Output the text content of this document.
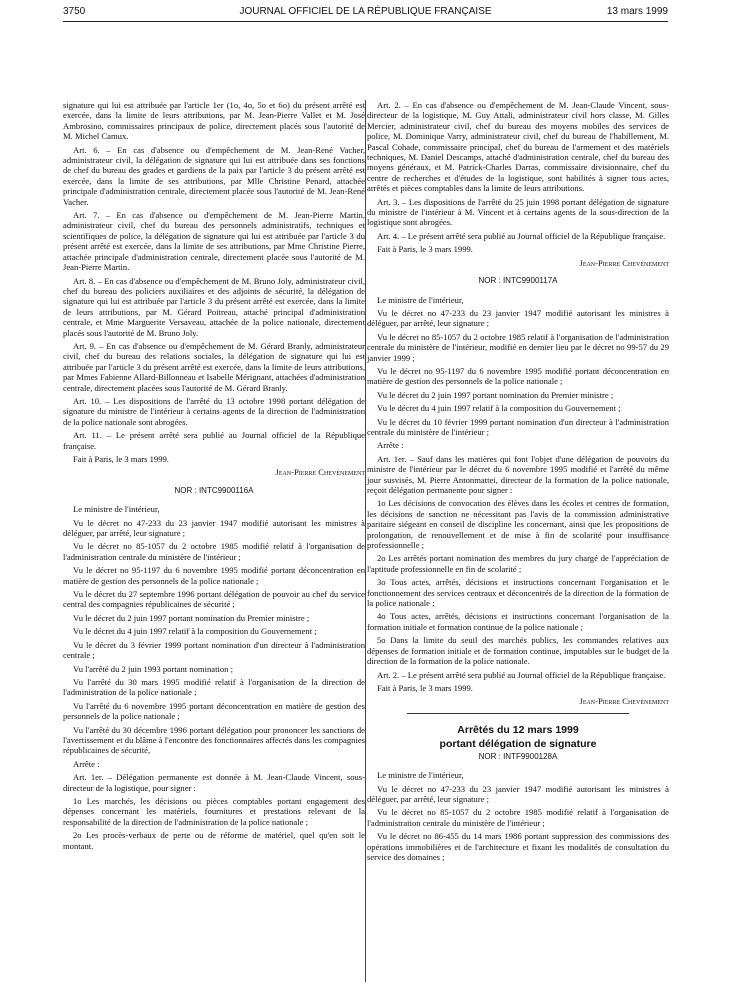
3750	JOURNAL OFFICIEL DE LA RÉPUBLIQUE FRANÇAISE	13 mars 1999

signature qui lui est attribuée par l'article 1er (1o, 4o, 5o et 6o) du présent arrêté est exercée, dans la limite de leurs attributions, par M. Jean-Pierre Vallet et M. José Ambrosino, commissaires principaux de police, directement placés sous l'autorité de M. Michel Camux.

Art. 6. – En cas d'absence ou d'empêchement de M. Jean-René Vacher, administrateur civil, la délégation de signature qui lui est attribuée dans ses fonctions de chef du bureau des grades et gardiens de la paix par l'article 3 du présent arrêté est exercée, dans la limite de ses attributions, par Mlle Christine Penard, attachée principale d'administration centrale, directement placée sous l'autorité de M. Jean-René Vacher.

Art. 7. – En cas d'absence ou d'empêchement de M. Jean-Pierre Martin, administrateur civil, chef du bureau des personnels administratifs, techniques et scientifiques de police, la délégation de signature qui lui est attribuée par l'article 3 du présent arrêté est exercée, dans la limite de ses attributions, par Mme Christine Pierre, attachée principale d'administration centrale, directement placée sous l'autorité de M. Jean-Pierre Martin.

Art. 8. – En cas d'absence ou d'empêchement de M. Bruno Joly, administrateur civil, chef du bureau des policiers auxiliaires et des adjoints de sécurité, la délégation de signature qui lui est attribuée par l'article 3 du présent arrêté est exercée, dans la limite de leurs attributions, par M. Gérard Poitreau, attaché principal d'administration centrale, et Mme Marguerite Versaveau, attachée de la police nationale, directement placés sous l'autorité de M. Bruno Joly.

Art. 9. – En cas d'absence ou d'empêchement de M. Gérard Branly, administrateur civil, chef du bureau des relations sociales, la délégation de signature qui lui est attribuée par l'article 3 du présent arrêté est exercée, dans la limite de leurs attributions, par Mmes Fabienne Allard-Billonneau et Isabelle Mérignant, attachées d'administration centrale, directement placées sous l'autorité de M. Gérard Branly.

Art. 10. – Les dispositions de l'arrêté du 13 octobre 1998 portant délégation de signature du ministre de l'intérieur à certains agents de la direction de l'administration de la police nationale sont abrogées.

Art. 11. – Le présent arrêté sera publié au Journal officiel de la République française.

Fait à Paris, le 3 mars 1999.

Jean-Pierre Chevènement
NOR : INTC9900116A

Le ministre de l'intérieur,

Vu le décret no 47-233 du 23 janvier 1947 modifié autorisant les ministres à déléguer, par arrêté, leur signature ;

Vu le décret no 85-1057 du 2 octobre 1985 modifié relatif à l'organisation de l'administration centrale du ministère de l'intérieur ;

Vu le décret no 95-1197 du 6 novembre 1995 modifié portant déconcentration en matière de gestion des personnels de la police nationale ;

Vu le décret du 27 septembre 1996 portant délégation de pouvoir au chef du service central des compagnies républicaines de sécurité ;

Vu le décret du 2 juin 1997 portant nomination du Premier ministre ;

Vu le décret du 4 juin 1997 relatif à la composition du Gouvernement ;

Vu le décret du 3 février 1999 portant nomination d'un directeur à l'administration centrale ;

Vu l'arrêté du 2 juin 1993 portant nomination ;

Vu l'arrêté du 30 mars 1995 modifié relatif à l'organisation de la direction de l'administration de la police nationale ;

Vu l'arrêté du 6 novembre 1995 portant déconcentration en matière de gestion des personnels de la police nationale ;

Vu l'arrêté du 30 décembre 1996 portant délégation pour prononcer les sanctions de l'avertissement et du blâme à l'encontre des fonctionnaires affectés dans les compagnies républicaines de sécurité,

Arrête :

Art. 1er. – Délégation permanente est donnée à M. Jean-Claude Vincent, sous-directeur de la logistique, pour signer :

1o Les marchés, les décisions ou pièces comptables portant engagement des dépenses concernant les matériels, fournitures et prestations relevant de la responsabilité de la direction de l'administration de la police nationale ;

2o Les procès-verbaux de perte ou de réforme de matériel, quel qu'en soit le montant.

Art. 2. – En cas d'absence ou d'empêchement de M. Jean-Claude Vincent, sous-directeur de la logistique, M. Guy Attali, administrateur civil hors classe, M. Gilles Mercier, administrateur civil, chef du bureau des moyens mobiles des services de police, M. Dominique Varry, administrateur civil, chef du bureau de l'habillement, M. Pascal Cohade, commissaire principal, chef du bureau de l'armement et des matériels techniques, M. Daniel Descamps, attaché d'administration centrale, chef du bureau des moyens généraux, et M. Patrick-Charles Darras, commissaire divisionnaire, chef du centre de recherches et d'études de la logistique, sont habilités à signer tous actes, arrêtés et pièces comptables dans la limite de leurs attributions.

Art. 3. – Les dispositions de l'arrêté du 25 juin 1998 portant délégation de signature du ministre de l'intérieur à M. Vincent et à certains agents de la sous-direction de la logistique sont abrogées.

Art. 4. – Le présent arrêté sera publié au Journal officiel de la République française.

Fait à Paris, le 3 mars 1999.

Jean-Pierre Chevènement
NOR : INTC9900117A

Le ministre de l'intérieur,

Vu le décret no 47-233 du 23 janvier 1947 modifié autorisant les ministres à déléguer, par arrêté, leur signature ;

Vu le décret no 85-1057 du 2 octobre 1985 relatif à l'organisation de l'administration centrale du ministère de l'intérieur, modifié en dernier lieu par le décret no 99-57 du 29 janvier 1999 ;

Vu le décret no 95-1197 du 6 novembre 1995 modifié portant déconcentration en matière de gestion des personnels de la police nationale ;

Vu le décret du 2 juin 1997 portant nomination du Premier ministre ;

Vu le décret du 4 juin 1997 relatif à la composition du Gouvernement ;

Vu le décret du 10 février 1999 portant nomination d'un directeur à l'administration centrale du ministère de l'intérieur ;

Arrête :

Art. 1er. – Sauf dans les matières qui font l'objet d'une délégation de pouvoirs du ministre de l'intérieur par le décret du 6 novembre 1995 modifié et l'arrêté du même jour susvisés, M. Pierre Antonmattei, directeur de la formation de la police nationale, reçoit délégation permanente pour signer :

1o Les décisions de convocation des élèves dans les écoles et centres de formation, les décisions de sanction ne nécessitant pas l'avis de la commission administrative paritaire siégeant en conseil de discipline les concernant, ainsi que les propositions de prolongation, de renouvellement et de mise à fin de scolarité pour insuffisance professionnelle ;

2o Les arrêtés portant nomination des membres du jury chargé de l'appréciation de l'aptitude professionnelle en fin de scolarité ;

3o Tous actes, arrêtés, décisions et instructions concernant l'organisation et le fonctionnement des services centraux et déconcentrés de la direction de la formation de la police nationale ;

4o Tous actes, arrêtés, décisions et instructions concernant l'organisation de la formation initiale et formation continue de la police nationale ;

5o Dans la limite du seuil des marchés publics, les commandes relatives aux dépenses de formation initiale et de formation continue, imputables sur le budget de la direction de la formation de la police nationale.

Art. 2. – Le présent arrêté sera publié au Journal officiel de la République française.

Fait à Paris, le 3 mars 1999.

Jean-Pierre Chevènement
Arrêtés du 12 mars 1999
portant délégation de signature
NOR : INTF9900128A

Le ministre de l'intérieur,

Vu le décret no 47-233 du 23 janvier 1947 modifié autorisant les ministres à déléguer, par arrêté, leur signature ;

Vu le décret no 85-1057 du 2 octobre 1985 modifié relatif à l'organisation de l'administration centrale du ministère de l'intérieur ;

Vu le décret no 86-455 du 14 mars 1986 portant suppression des commissions des opérations immobilières et de l'architecture et fixant les modalités de consultation du service des domaines ;
